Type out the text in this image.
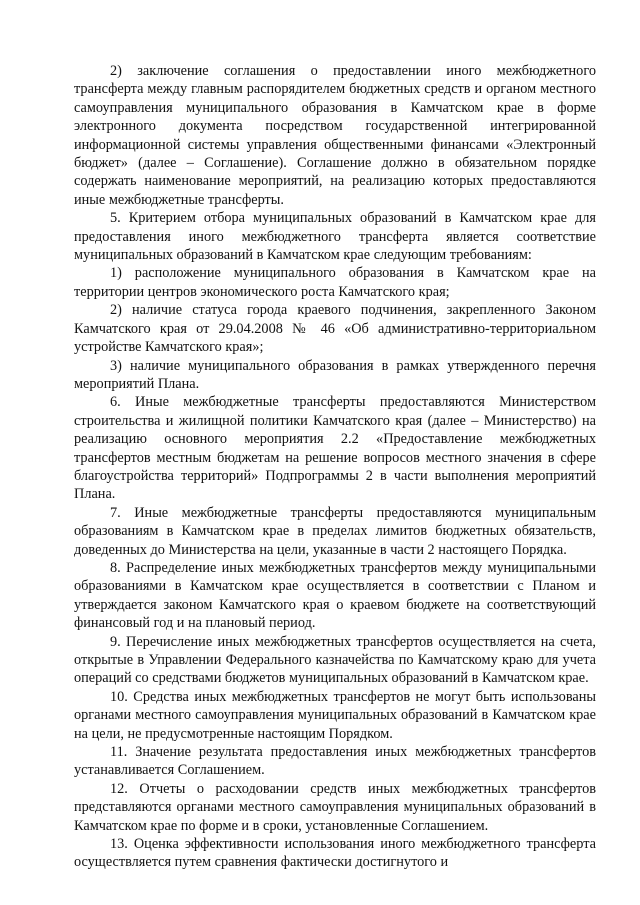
2) заключение соглашения о предоставлении иного межбюджетного трансферта между главным распорядителем бюджетных средств и органом местного самоуправления муниципального образования в Камчатском крае в форме электронного документа посредством государственной интегрированной информационной системы управления общественными финансами «Электронный бюджет» (далее – Соглашение). Соглашение должно в обязательном порядке содержать наименование мероприятий, на реализацию которых предоставляются иные межбюджетные трансферты.

5. Критерием отбора муниципальных образований в Камчатском крае для предоставления иного межбюджетного трансферта является соответствие муниципальных образований в Камчатском крае следующим требованиям:

1) расположение муниципального образования в Камчатском крае на территории центров экономического роста Камчатского края;

2) наличие статуса города краевого подчинения, закрепленного Законом Камчатского края от 29.04.2008 № 46 «Об административно-территориальном устройстве Камчатского края»;

3) наличие муниципального образования в рамках утвержденного перечня мероприятий Плана.

6. Иные межбюджетные трансферты предоставляются Министерством строительства и жилищной политики Камчатского края (далее – Министерство) на реализацию основного мероприятия 2.2 «Предоставление межбюджетных трансфертов местным бюджетам на решение вопросов местного значения в сфере благоустройства территорий» Подпрограммы 2 в части выполнения мероприятий Плана.

7. Иные межбюджетные трансферты предоставляются муниципальным образованиям в Камчатском крае в пределах лимитов бюджетных обязательств, доведенных до Министерства на цели, указанные в части 2 настоящего Порядка.

8. Распределение иных межбюджетных трансфертов между муниципальными образованиями в Камчатском крае осуществляется в соответствии с Планом и утверждается законом Камчатского края о краевом бюджете на соответствующий финансовый год и на плановый период.

9. Перечисление иных межбюджетных трансфертов осуществляется на счета, открытые в Управлении Федерального казначейства по Камчатскому краю для учета операций со средствами бюджетов муниципальных образований в Камчатском крае.

10. Средства иных межбюджетных трансфертов не могут быть использованы органами местного самоуправления муниципальных образований в Камчатском крае на цели, не предусмотренные настоящим Порядком.

11. Значение результата предоставления иных межбюджетных трансфертов устанавливается Соглашением.

12. Отчеты о расходовании средств иных межбюджетных трансфертов представляются органами местного самоуправления муниципальных образований в Камчатском крае по форме и в сроки, установленные Соглашением.

13. Оценка эффективности использования иного межбюджетного трансферта осуществляется путем сравнения фактически достигнутого и
